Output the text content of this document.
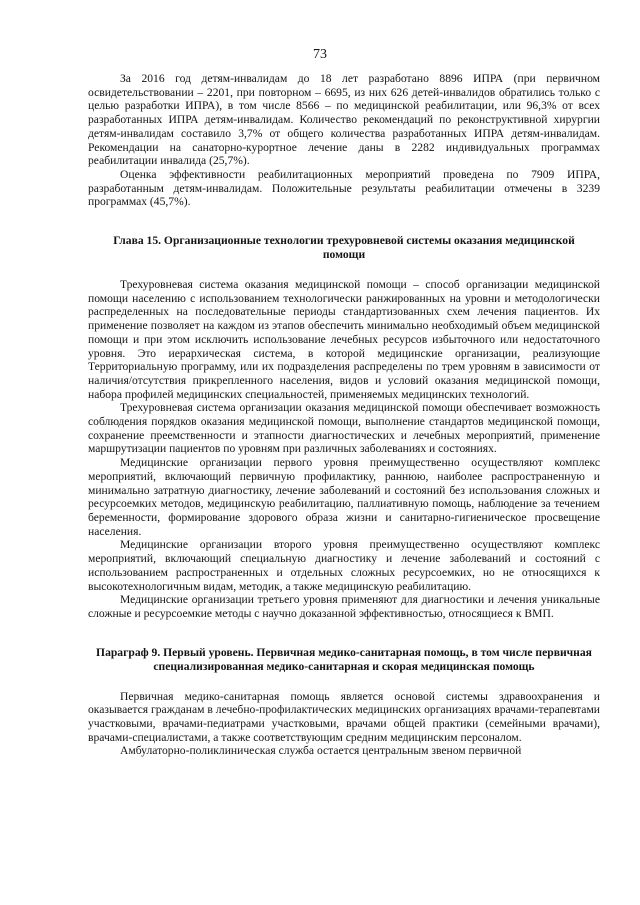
73

За 2016 год детям-инвалидам до 18 лет разработано 8896 ИПРА (при первичном освидетельствовании – 2201, при повторном – 6695, из них 626 детей-инвалидов обратились только с целью разработки ИПРА), в том числе 8566 – по медицинской реабилитации, или 96,3% от всех разработанных ИПРА детям-инвалидам. Количество рекомендаций по реконструктивной хирургии детям-инвалидам составило 3,7% от общего количества разработанных ИПРА детям-инвалидам. Рекомендации на санаторно-курортное лечение даны в 2282 индивидуальных программах реабилитации инвалида (25,7%).

Оценка эффективности реабилитационных мероприятий проведена по 7909 ИПРА, разработанным детям-инвалидам. Положительные результаты реабилитации отмечены в 3239 программах (45,7%).

Глава 15. Организационные технологии трехуровневой системы оказания медицинской помощи

Трехуровневая система оказания медицинской помощи – способ организации медицинской помощи населению с использованием технологически ранжированных на уровни и методологически распределенных на последовательные периоды стандартизованных схем лечения пациентов. Их применение позволяет на каждом из этапов обеспечить минимально необходимый объем медицинской помощи и при этом исключить использование лечебных ресурсов избыточного или недостаточного уровня. Это иерархическая система, в которой медицинские организации, реализующие Территориальную программу, или их подразделения распределены по трем уровням в зависимости от наличия/отсутствия прикрепленного населения, видов и условий оказания медицинской помощи, набора профилей медицинских специальностей, применяемых медицинских технологий.

Трехуровневая система организации оказания медицинской помощи обеспечивает возможность соблюдения порядков оказания медицинской помощи, выполнение стандартов медицинской помощи, сохранение преемственности и этапности диагностических и лечебных мероприятий, применение маршрутизации пациентов по уровням при различных заболеваниях и состояниях.

Медицинские организации первого уровня преимущественно осуществляют комплекс мероприятий, включающий первичную профилактику, раннюю, наиболее распространенную и минимально затратную диагностику, лечение заболеваний и состояний без использования сложных и ресурсоемких методов, медицинскую реабилитацию, паллиативную помощь, наблюдение за течением беременности, формирование здорового образа жизни и санитарно-гигиеническое просвещение населения.

Медицинские организации второго уровня преимущественно осуществляют комплекс мероприятий, включающий специальную диагностику и лечение заболеваний и состояний с использованием распространенных и отдельных сложных ресурсоемких, но не относящихся к высокотехнологичным видам, методик, а также медицинскую реабилитацию.

Медицинские организации третьего уровня применяют для диагностики и лечения уникальные сложные и ресурсоемкие методы с научно доказанной эффективностью, относящиеся к ВМП.

Параграф 9. Первый уровень. Первичная медико-санитарная помощь, в том числе первичная специализированная медико-санитарная и скорая медицинская помощь

Первичная медико-санитарная помощь является основой системы здравоохранения и оказывается гражданам в лечебно-профилактических медицинских организациях врачами-терапевтами участковыми, врачами-педиатрами участковыми, врачами общей практики (семейными врачами), врачами-специалистами, а также соответствующим средним медицинским персоналом.

Амбулаторно-поликлиническая служба остается центральным звеном первичной
